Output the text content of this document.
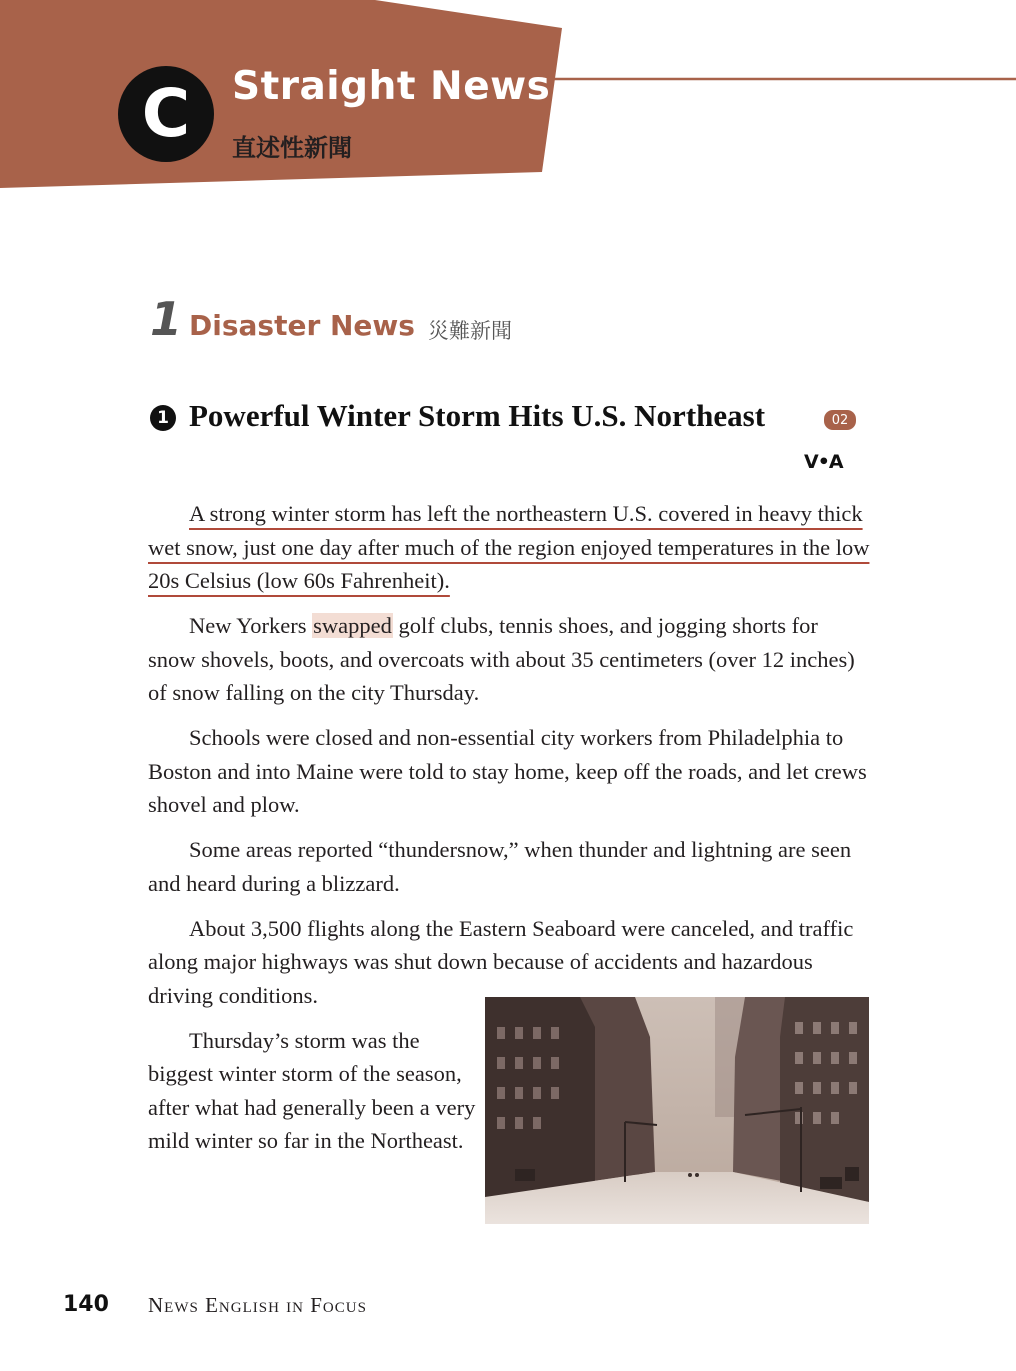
C Straight News
直述性新聞
1 Disaster News 災難新聞
1 Powerful Winter Storm Hits U.S. Northeast	02
V•A

A strong winter storm has left the northeastern U.S. covered in heavy thick wet snow, just one day after much of the region enjoyed temperatures in the low 20s Celsius (low 60s Fahrenheit).

New Yorkers swapped golf clubs, tennis shoes, and jogging shorts for snow shovels, boots, and overcoats with about 35 centimeters (over 12 inches) of snow falling on the city Thursday.

Schools were closed and non-essential city workers from Philadelphia to Boston and into Maine were told to stay home, keep off the roads, and let crews shovel and plow.

Some areas reported “thundersnow,” when thunder and lightning are seen and heard during a blizzard.

About 3,500 flights along the Eastern Seaboard were canceled, and traffic along major highways was shut down because of accidents and hazardous driving conditions.

Thursday’s storm was the biggest winter storm of the season, after what had generally been a very mild winter so far in the Northeast.

140 News English in Focus
